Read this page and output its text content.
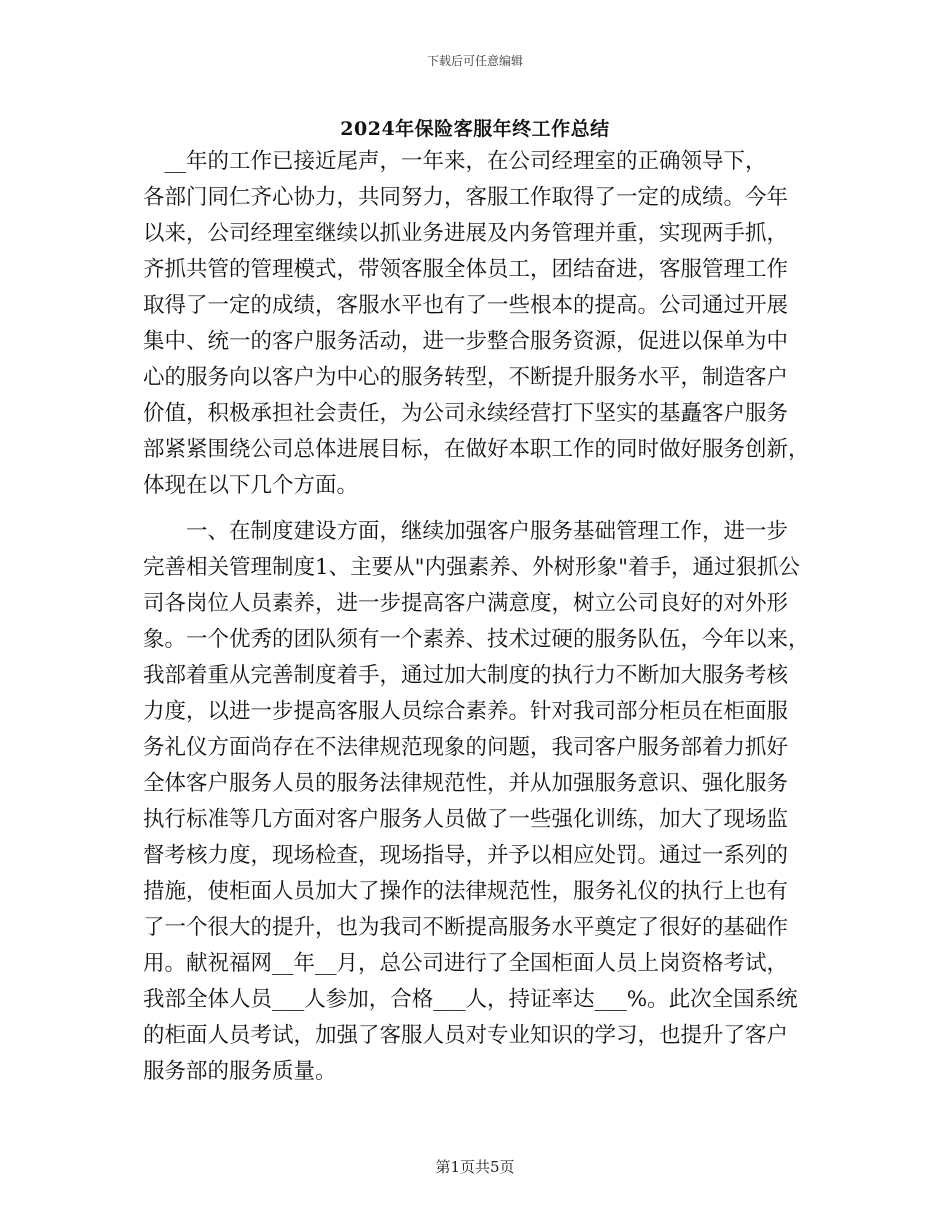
下载后可任意编辑
2024年保险客服年终工作总结
　__年的工作已接近尾声，一年来，在公司经理室的正确领导下，
各部门同仁齐心协力，共同努力，客服工作取得了一定的成绩。今年
以来，公司经理室继续以抓业务进展及内务管理并重，实现两手抓，
齐抓共管的管理模式，带领客服全体员工，团结奋进，客服管理工作
取得了一定的成绩，客服水平也有了一些根本的提高。公司通过开展
集中、统一的客户服务活动，进一步整合服务资源，促进以保单为中
心的服务向以客户为中心的服务转型，不断提升服务水平，制造客户
价值，积极承担社会责任，为公司永续经营打下坚实的基矗客户服务
部紧紧围绕公司总体进展目标，在做好本职工作的同时做好服务创新，
体现在以下几个方面。
　　一、在制度建设方面，继续加强客户服务基础管理工作，进一步
完善相关管理制度1、主要从"内强素养、外树形象"着手，通过狠抓公
司各岗位人员素养，进一步提高客户满意度，树立公司良好的对外形
象。一个优秀的团队须有一个素养、技术过硬的服务队伍，今年以来，
我部着重从完善制度着手，通过加大制度的执行力不断加大服务考核
力度，以进一步提高客服人员综合素养。针对我司部分柜员在柜面服
务礼仪方面尚存在不法律规范现象的问题，我司客户服务部着力抓好
全体客户服务人员的服务法律规范性，并从加强服务意识、强化服务
执行标准等几方面对客户服务人员做了一些强化训练，加大了现场监
督考核力度，现场检查，现场指导，并予以相应处罚。通过一系列的
措施，使柜面人员加大了操作的法律规范性，服务礼仪的执行上也有
了一个很大的提升，也为我司不断提高服务水平奠定了很好的基础作
用。献祝福网__年__月，总公司进行了全国柜面人员上岗资格考试，
我部全体人员___人参加，合格___人，持证率达___%。此次全国系统
的柜面人员考试，加强了客服人员对专业知识的学习，也提升了客户
服务部的服务质量。
第1页共5页
